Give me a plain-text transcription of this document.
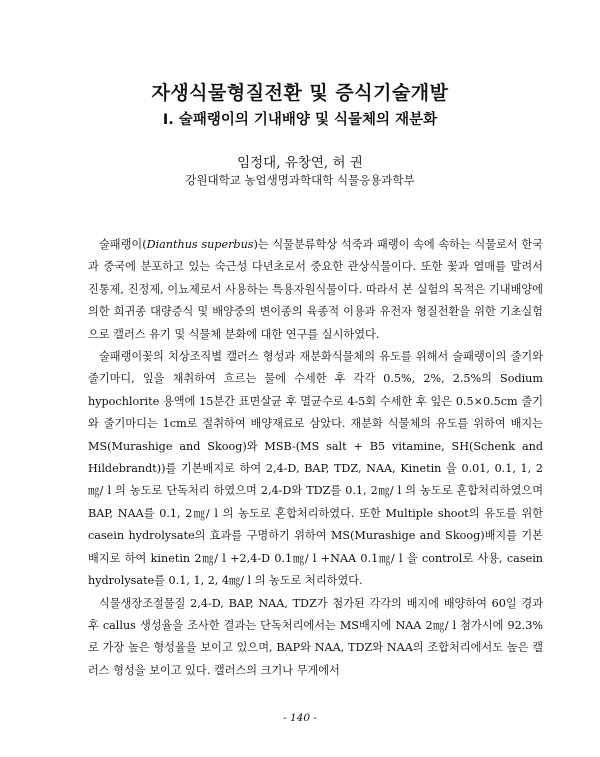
자생식물형질전환 및 증식기술개발
Ⅰ. 술패랭이의 기내배양 및 식물체의 재분화
임정대, 유창연, 허 권
강원대학교 농업생명과학대학 식물응용과학부

술패랭이(Dianthus superbus)는 식물분류학상 석죽과 패랭이 속에 속하는 식물로서 한국과 중국에 분포하고 있는 숙근성 다년초로서 중요한 관상식물이다. 또한 꽃과 열매를 말려서 진통제, 진정제, 이뇨제로서 사용하는 특용자원식물이다. 따라서 본 실험의 목적은 기내배양에 의한 희귀종 대량증식 및 배양중의 변이종의 육종적 이용과 유전자 형질전환을 위한 기초실험으로 캘러스 유기 및 식물체 분화에 대한 연구를 실시하였다.

술패랭이꽃의 치상조직별 캘러스 형성과 재분화식물체의 유도를 위해서 술패랭이의 줄기와 줄기마디, 잎을 채취하여 흐르는 물에 수세한 후 각각 0.5%, 2%, 2.5%의 Sodium hypochlorite 용액에 15분간 표면살균 후 멸균수로 4-5회 수세한 후 잎은 0.5×0.5cm 줄기와 줄기마디는 1cm로 절취하여 배양재료로 삼았다. 재분화 식물체의 유도를 위하여 배지는 MS(Murashige and Skoog)와 MSB-(MS salt + B5 vitamine, SH(Schenk and Hildebrandt))를 기본배지로 하여 2,4-D, BAP, TDZ, NAA, Kinetin 을 0.01, 0.1, 1, 2㎎/ l 의 농도로 단독처리 하였으며 2,4-D와 TDZ를 0.1, 2㎎/ l 의 농도로 혼합처리하였으며 BAP, NAA를 0.1, 2㎎/ l 의 농도로 혼합처리하였다. 또한 Multiple shoot의 유도를 위한 casein hydrolysate의 효과를 구명하기 위하여 MS(Murashige and Skoog)배지를 기본배지로 하여 kinetin 2㎎/ l +2,4-D 0.1㎎/ l +NAA 0.1㎎/ l 을 control로 사용, casein hydrolysate를 0.1, 1, 2, 4㎎/ l 의 농도로 처리하였다.

식물생장조절물질 2,4-D, BAP, NAA, TDZ가 첨가된 각각의 배지에 배양하여 60일 경과 후 callus 생성율을 조사한 결과는 단독처리에서는 MS배지에 NAA 2㎎/ l 첨가시에 92.3%로 가장 높은 형성율을 보이고 있으며, BAP와 NAA, TDZ와 NAA의 조합처리에서도 높은 캘러스 형성을 보이고 있다. 캘러스의 크기나 무게에서

- 140 -
